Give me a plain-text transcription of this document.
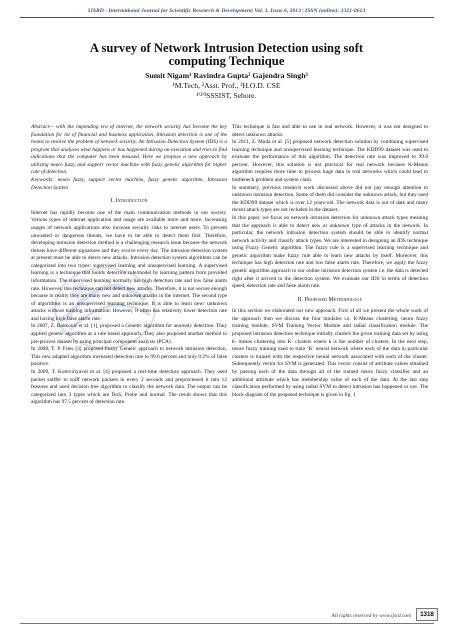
IJSRD - International Journal for Scientific Research & Development| Vol. 1, Issue 6, 2013 | ISSN (online): 2321-0613
A survey of Network Intrusion Detection using soft computing Technique
Sumit Nigam¹ Ravindra Gupta² Gajendra Singh³
¹M.Tech, ²Asst. Prof., ³H.O.D. CSE
¹'²'³SSSIST, Sehore.

Abstract— with the impending era of internet, the network security has become the key foundation for lot of financial and business application. Intrusion detection is one of the looms to resolve the problem of network security. An Intrusion Detection System (IDS) is a program that analyses what happens or has happened during an execution and tries to find indications that the computer has been misused. Here we propose a new approach by utilizing neuro fuzzy and support vector machine with fuzzy genetic algorithm for higher rate of detection.

Keywords: neuro fuzzy, support vector machine, fuzzy genetic algorithm, Intrusion Detection System

I. Introduction

Internet has rapidly become one of the main communication methods in our society. Various types of internet application and usage are available more and more. Increasing usages of network applications also increase security risks to internet users. To prevent unwanted or dangerous threats, we have to be able to detect them first. Therefore, developing intrusion detection method is a challenging research issue because the network threats have different signatures and they evolve every day. The intrusion detection system at present must be able to detect new attacks. Intrusion detection system algorithms can be categorized into two types: supervised learning and unsupervised learning. A supervised learning is a technique that builds detection rule/model by learning pattern from provided information. The supervised learning normally has high detection rate and low false alarm rate. However, this technique can not detect new attacks. Therefore, it is not secure enough because in reality they are many new and unknown attacks in the internet. The second type of algorithms is an unsupervised learning technique. It is able to learn new/ unknown attacks without training information. However, it often has relatively lower detection rate and having high false alarm rate.

In 2007, Z. Banković et al. [1], proposed a Genetic algorithm for anomaly detection. They applied genetic algorithm as a rule based approach. They also proposed another method to pre-process dataset by using principal component analysis (PCA).

In 2008, T. P. Fries [3] proposed Fuzzy Genetic approach to network intrusion detection. This new adapted algorithm increased detection rate to 99.6 percent and only 0.2% of false positive.

In 2009, T. Komviriyavut et al. [4] proposed a real-time detection approach. They used packet sniffer to sniff network packets in every 2 seconds and preprocessed it into 12 features and used decision tree algorithm to classify the network data. The output can be categorized into 3 types which are DoS, Probe and normal. The result shows that this algorithm has 97.5 percent of detection rate.

This technique is fast and able to use in real network. However, it was not designed to detect unknown attacks.

In 2011, Z. Muda et al. [5] proposed network detection solution by combining supervised learning technique and unsupervised learning technique. The KDD99 dataset was used to evaluate the performance of this algorithm. The detection rate was improved to 99.6 percent. However, this solution is not practical for real network because K-Means algorithm requires more time to process huge data in real networks which could lead to bottleneck problem and system clash.

In summary, previous research work discussed above did not pay enough attention to unknown intrusion detection. Some of them did consider the unknown attack, but they used the KDD99 dataset which is over 12 years-old. The network data is out of date and many recent attack types are not included in the dataset.

In this paper, we focus on network intrusion detection for unknown attack types meaning that the approach is able to detect new or unknown type of attacks in the network. In particular, the network intrusion detection system should be able to identify normal network activity and classify attack types. We are interested in designing an IDS technique using Fuzzy Genetic algorithm. The fuzzy rule is a supervised learning technique and genetic algorithm make fuzzy rule able to learn new attacks by itself. Moreover, this technique has high detection rate and low false alarm rate. Therefore, we apply the fuzzy genetic algorithm approach to our online intrusion detection system i.e. the data is detected right after it arrived to the detection system. We evaluate our IDS in terms of detection speed, detection rate and false alarm rate.

II. Proposed Methodology

In this section we elaborated our new approach. First of all we present the whole work of the approach then we discuss the four modules i.e. K-Means clustering, neuro fuzzy training module, SVM Training Vector Module and radial classification module. The proposed intrusion detection technique initially clusters the given training data set by using k- means clustering into K- clusters where k is the number of clusters. In the next step, neuro fuzzy training used to train ‘K’ neural network where each of the data in particular clusters is trained with the respective neural network associated with each of the cluster. Subsequently vector for SVM is generated. This vector consist of attribute values obtained by passing each of the data through all of the trained neuro fuzzy classifier and an additional attribute which has membership value of each of the data. At the last step classification performed by using radial SVM to detect intrusion has happened or not. The block diagram of the proposed technique is given in fig. 1

All rights reserved by www.ijsrd.com	1318
